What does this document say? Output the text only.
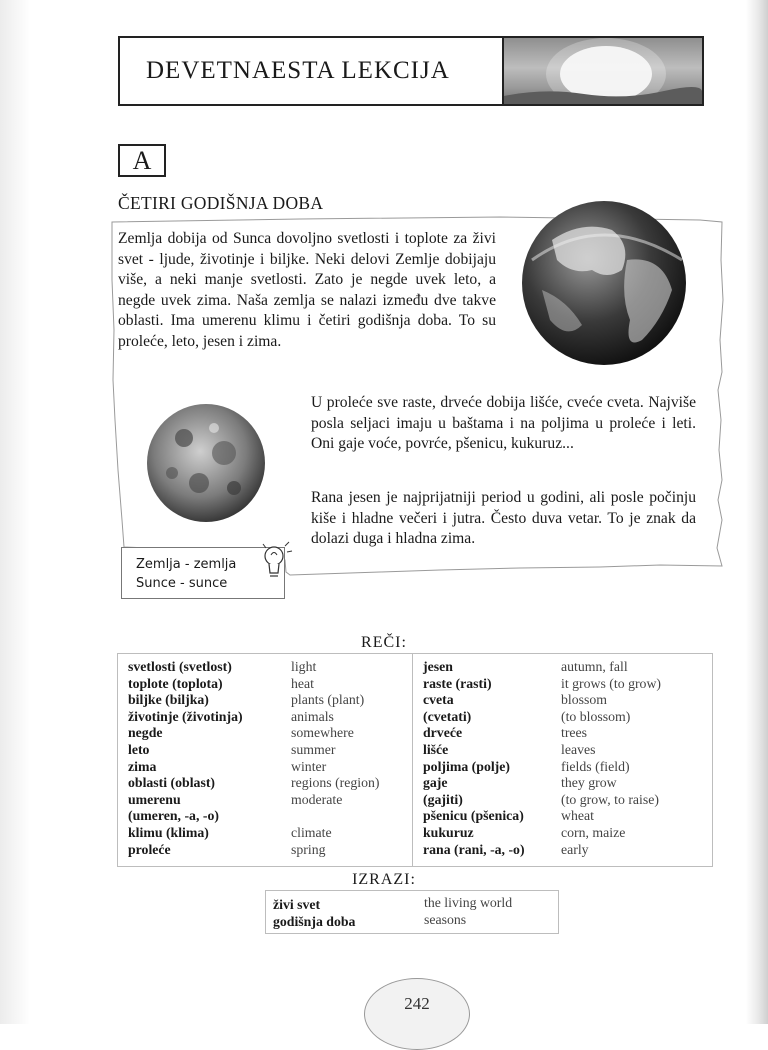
DEVETNAESTA LEKCIJA
A
ČETIRI GODIŠNJA DOBA

Zemlja dobija od Sunca dovoljno svetlosti i toplote za živi svet - ljude, životinje i biljke. Neki delovi Zemlje dobijaju više, a neki manje svetlosti. Zato je negde uvek leto, a negde uvek zima. Naša zemlja se nalazi između dve takve oblasti. Ima umerenu klimu i četiri godišnja doba. To su proleće, leto, jesen i zima.

U proleće sve raste, drveće dobija lišće, cveće cveta. Najviše posla seljaci imaju u baštama i na poljima u proleće i leti. Oni gaje voće, povrće, pšenicu, kukuruz...

Rana jesen je najprijatniji period u godini, ali posle počinju kiše i hladne večeri i jutra. Često duva vetar. To je znak da dolazi duga i hladna zima.

Zemlja - zemlja
Sunce - sunce
REČI:
svetlosti (svetlost)
toplote (toplota)
biljke (biljka)
životinje (životinja)
negde
leto
zima
oblasti (oblast)
umerenu
(umeren, -a, -o)
klimu (klima)
proleće
light
heat
plants (plant)
animals
somewhere
summer
winter
regions (region)
moderate
climate
spring
jesen
raste (rasti)
cveta
(cvetati)
drveće
lišće
poljima (polje)
gaje
(gajiti)
pšenicu (pšenica)
kukuruz
rana (rani, -a, -o)
autumn, fall
it grows (to grow)
blossom
(to blossom)
trees
leaves
fields (field)
they grow
(to grow, to raise)
wheat
corn, maize
early
IZRAZI:
živi svet
godišnja doba
the living world
seasons
242
